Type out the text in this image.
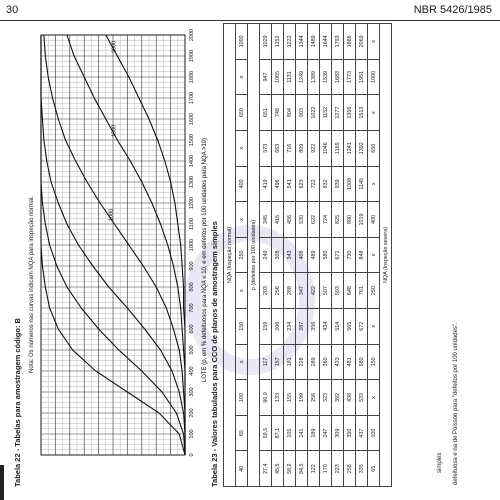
30	NBR 5426/1985
Tabela 22 - Tabelas para amostragem código: B
Nota: Os números nas curvas indicam NQA para inspeção normal.
0
100
200
300
400
500
600
700
800
900
1000
1100
1200
1300
1400
1500
1600
1700
1800
1900
2000
1000
1500
2000
LOTE (p, em % defeituosos para NQA ≤ 10, e em defeitos por 100 unidades para NQA >10) Tabela 23 - Valores tabulados para CCO de planos de amostragem simples NQA (Inspeção normal)												
40	65	100	x	150	x	250	x	400	x	650	x	1000
p (defeitos por 100 unidades)												
27,4	59,5	96,9	117	159	203	249	345	419	573	651	947	1029
45,5	87,1	133	157	206	256	308	415	496	663	748	1065	1152
58,2	105	155	181	234	288	343	456	541	716	804	1131	1222
84,5	141	199	228	287	347	408	530	623	809	903	1249	1344
122	189	256	289	356	422	489	622	722	922	1022	1389	1489
170	247	323	360	434	507	580	724	832	1046	1152	1539	1644
223	309	392	433	514	593	671	825	939	1165	1277	1683	1793
258	350	438	481	565	648	730	890	1008	1241	1356	1773	1886
335	437	533	580	672	761	848	1019	1145	1392	1513	1951	2069
65	100	x	150	x	250	x	400	x	650	x	1000	x
NQA (Inspeção severa)												
simples defeituosa e na de Poisson para "defeitos por 100 unidades".
